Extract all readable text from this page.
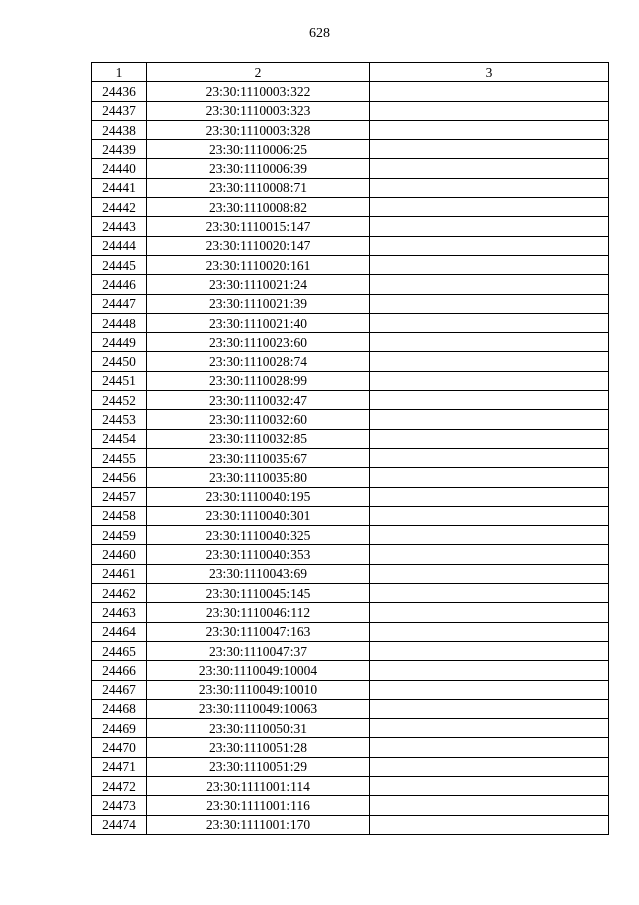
628
1	2	3
24436	23:30:1110003:322	
24437	23:30:1110003:323	
24438	23:30:1110003:328	
24439	23:30:1110006:25	
24440	23:30:1110006:39	
24441	23:30:1110008:71	
24442	23:30:1110008:82	
24443	23:30:1110015:147	
24444	23:30:1110020:147	
24445	23:30:1110020:161	
24446	23:30:1110021:24	
24447	23:30:1110021:39	
24448	23:30:1110021:40	
24449	23:30:1110023:60	
24450	23:30:1110028:74	
24451	23:30:1110028:99	
24452	23:30:1110032:47	
24453	23:30:1110032:60	
24454	23:30:1110032:85	
24455	23:30:1110035:67	
24456	23:30:1110035:80	
24457	23:30:1110040:195	
24458	23:30:1110040:301	
24459	23:30:1110040:325	
24460	23:30:1110040:353	
24461	23:30:1110043:69	
24462	23:30:1110045:145	
24463	23:30:1110046:112	
24464	23:30:1110047:163	
24465	23:30:1110047:37	
24466	23:30:1110049:10004	
24467	23:30:1110049:10010	
24468	23:30:1110049:10063	
24469	23:30:1110050:31	
24470	23:30:1110051:28	
24471	23:30:1110051:29	
24472	23:30:1111001:114	
24473	23:30:1111001:116	
24474	23:30:1111001:170	
